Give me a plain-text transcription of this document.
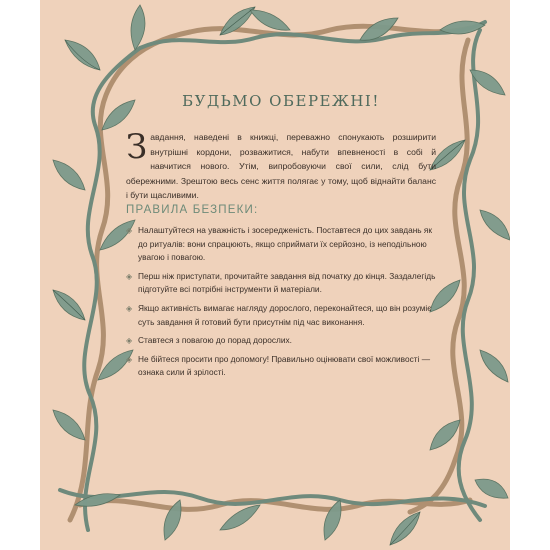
БУДЬМО ОБЕРЕЖНІ!
Завдання, наведені в книжці, переважно спонукають розширити внутрішні кордони, розважитися, набути впевненості в собі й навчитися нового. Утім, випробовуючи свої сили, слід бути обережними. Зрештою весь сенс життя полягає у тому, щоб віднайти баланс і бути щасливими.
ПРАВИЛА БЕЗПЕКИ:
◈ Налаштуйтеся на уважність і зосередженість. Поставтеся до цих завдань як до ритуалів: вони спрацюють, якщо сприймати їх серйозно, із неподільною увагою і повагою.
◈ Перш ніж приступати, прочитайте завдання від початку до кінця. Заздалегідь підготуйте всі потрібні інструменти й матеріали.
◈ Якщо активність вимагає нагляду дорослого, переконайтеся, що він розуміє суть завдання й готовий бути присутнім під час виконання.
◈ Ставтеся з повагою до порад дорослих.
◈ Не бійтеся просити про допомогу! Правильно оцінювати свої можливості — ознака сили й зрілості.
